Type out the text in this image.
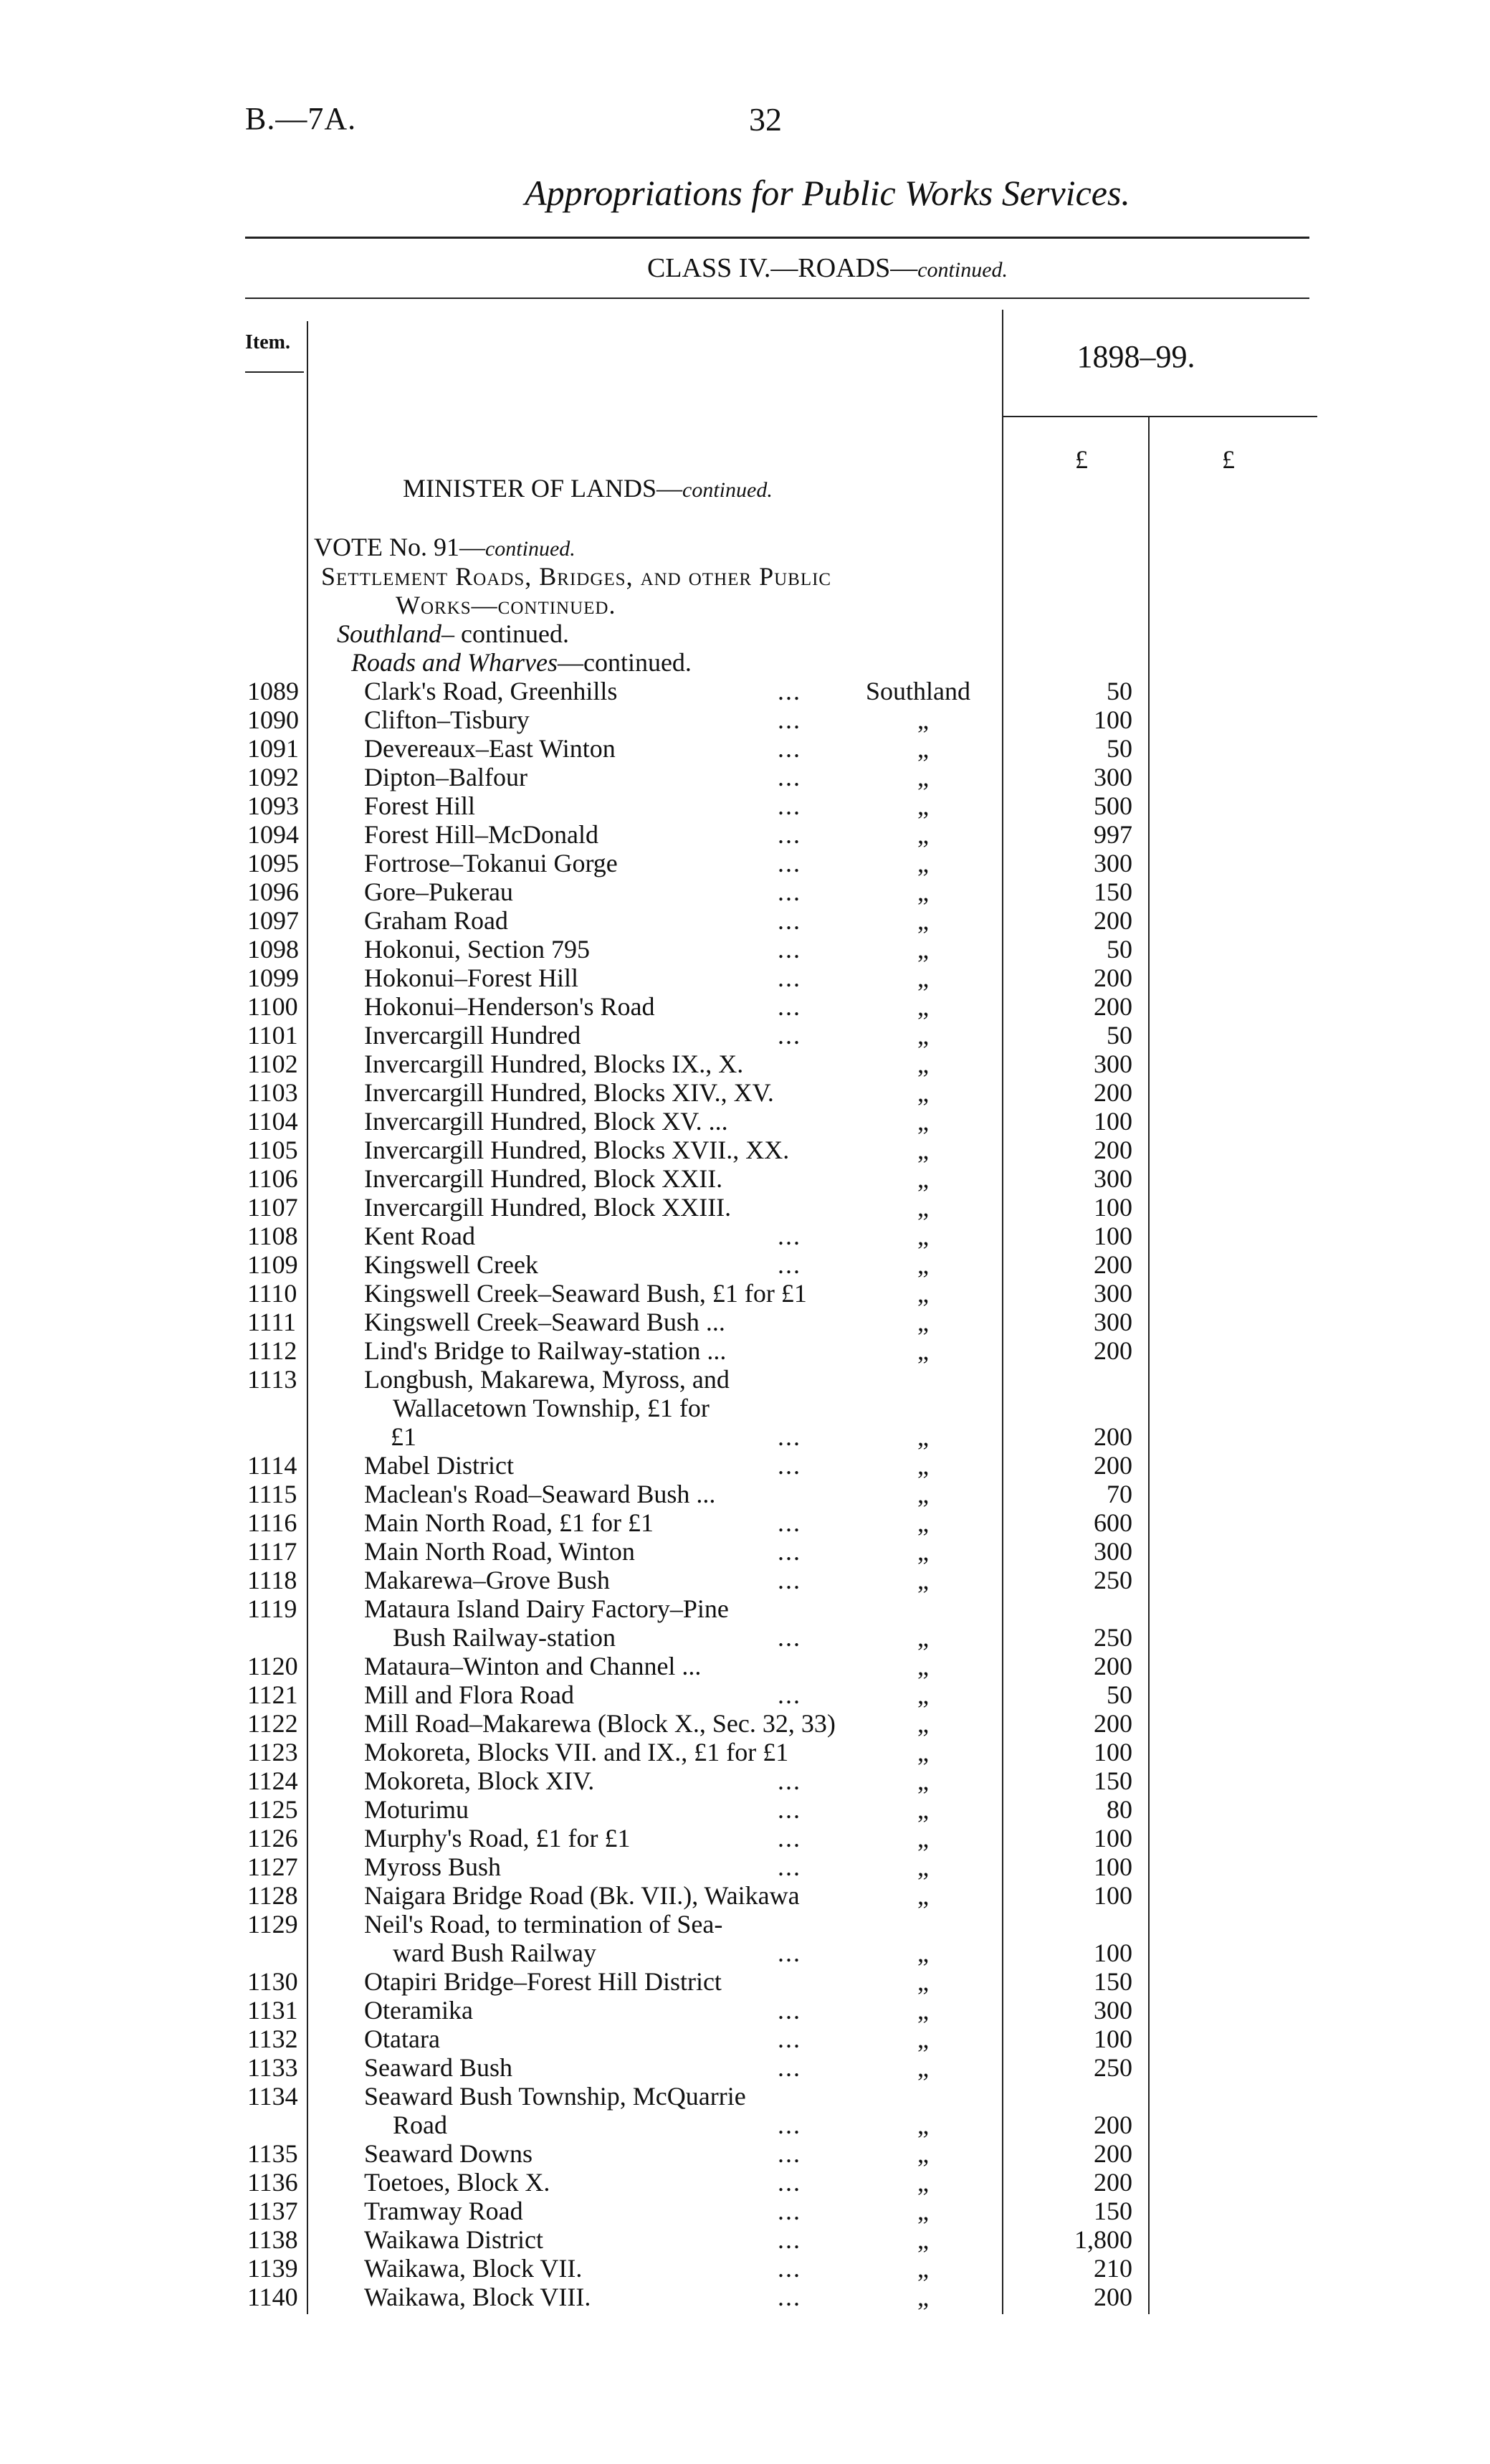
B.—7A.	32
Appropriations for Public Works Services.
CLASS IV.—ROADS—continued.
Item.	1898–99.
£	£
MINISTER OF LANDS—continued.
VOTE No. 91—continued.
Settlement Roads, Bridges, and other Public
Works—continued.
Southland– continued.
Roads and Wharves—continued.
1089	Clark's Road, Greenhills	...	Southland	50
1090	Clifton–Tisbury	...	„	100
1091	Devereaux–East Winton	...	„	50
1092	Dipton–Balfour	...	„	300
1093	Forest Hill	...	„	500
1094	Forest Hill–McDonald	...	„	997
1095	Fortrose–Tokanui Gorge	...	„	300
1096	Gore–Pukerau	...	„	150
1097	Graham Road	...	„	200
1098	Hokonui, Section 795	...	„	50
1099	Hokonui–Forest Hill	...	„	200
1100	Hokonui–Henderson's Road	...	„	200
1101	Invercargill Hundred	...	„	50
1102	Invercargill Hundred, Blocks IX., X.	„	300
1103	Invercargill Hundred, Blocks XIV., XV.	„	200
1104	Invercargill Hundred, Block XV. ...	„	100
1105	Invercargill Hundred, Blocks XVII., XX.	„	200
1106	Invercargill Hundred, Block XXII.	„	300
1107	Invercargill Hundred, Block XXIII.	„	100
1108	Kent Road	...	„	100
1109	Kingswell Creek	...	„	200
1110	Kingswell Creek–Seaward Bush, £1 for £1	„	300
1111	Kingswell Creek–Seaward Bush ...	„	300
1112	Lind's Bridge to Railway-station ...	„	200
1113	Longbush, Makarewa, Myross, and
Wallacetown Township, £1 for
£1	...	„	200
1114	Mabel District	...	„	200
1115	Maclean's Road–Seaward Bush ...	„	70
1116	Main North Road, £1 for £1	...	„	600
1117	Main North Road, Winton	...	„	300
1118	Makarewa–Grove Bush	...	„	250
1119	Mataura Island Dairy Factory–Pine
Bush Railway-station	...	„	250
1120	Mataura–Winton and Channel ...	„	200
1121	Mill and Flora Road	...	„	50
1122	Mill Road–Makarewa (Block X., Sec. 32, 33)	„	200
1123	Mokoreta, Blocks VII. and IX., £1 for £1	„	100
1124	Mokoreta, Block XIV.	...	„	150
1125	Moturimu	...	„	80
1126	Murphy's Road, £1 for £1	...	„	100
1127	Myross Bush	...	„	100
1128	Naigara Bridge Road (Bk. VII.), Waikawa	„	100
1129	Neil's Road, to termination of Sea-
ward Bush Railway	...	„	100
1130	Otapiri Bridge–Forest Hill District	„	150
1131	Oteramika	...	„	300
1132	Otatara	...	„	100
1133	Seaward Bush	...	„	250
1134	Seaward Bush Township, McQuarrie
Road	...	„	200
1135	Seaward Downs	...	„	200
1136	Toetoes, Block X.	...	„	200
1137	Tramway Road	...	„	150
1138	Waikawa District	...	„	1,800
1139	Waikawa, Block VII.	...	„	210
1140	Waikawa, Block VIII.	...	„	200
